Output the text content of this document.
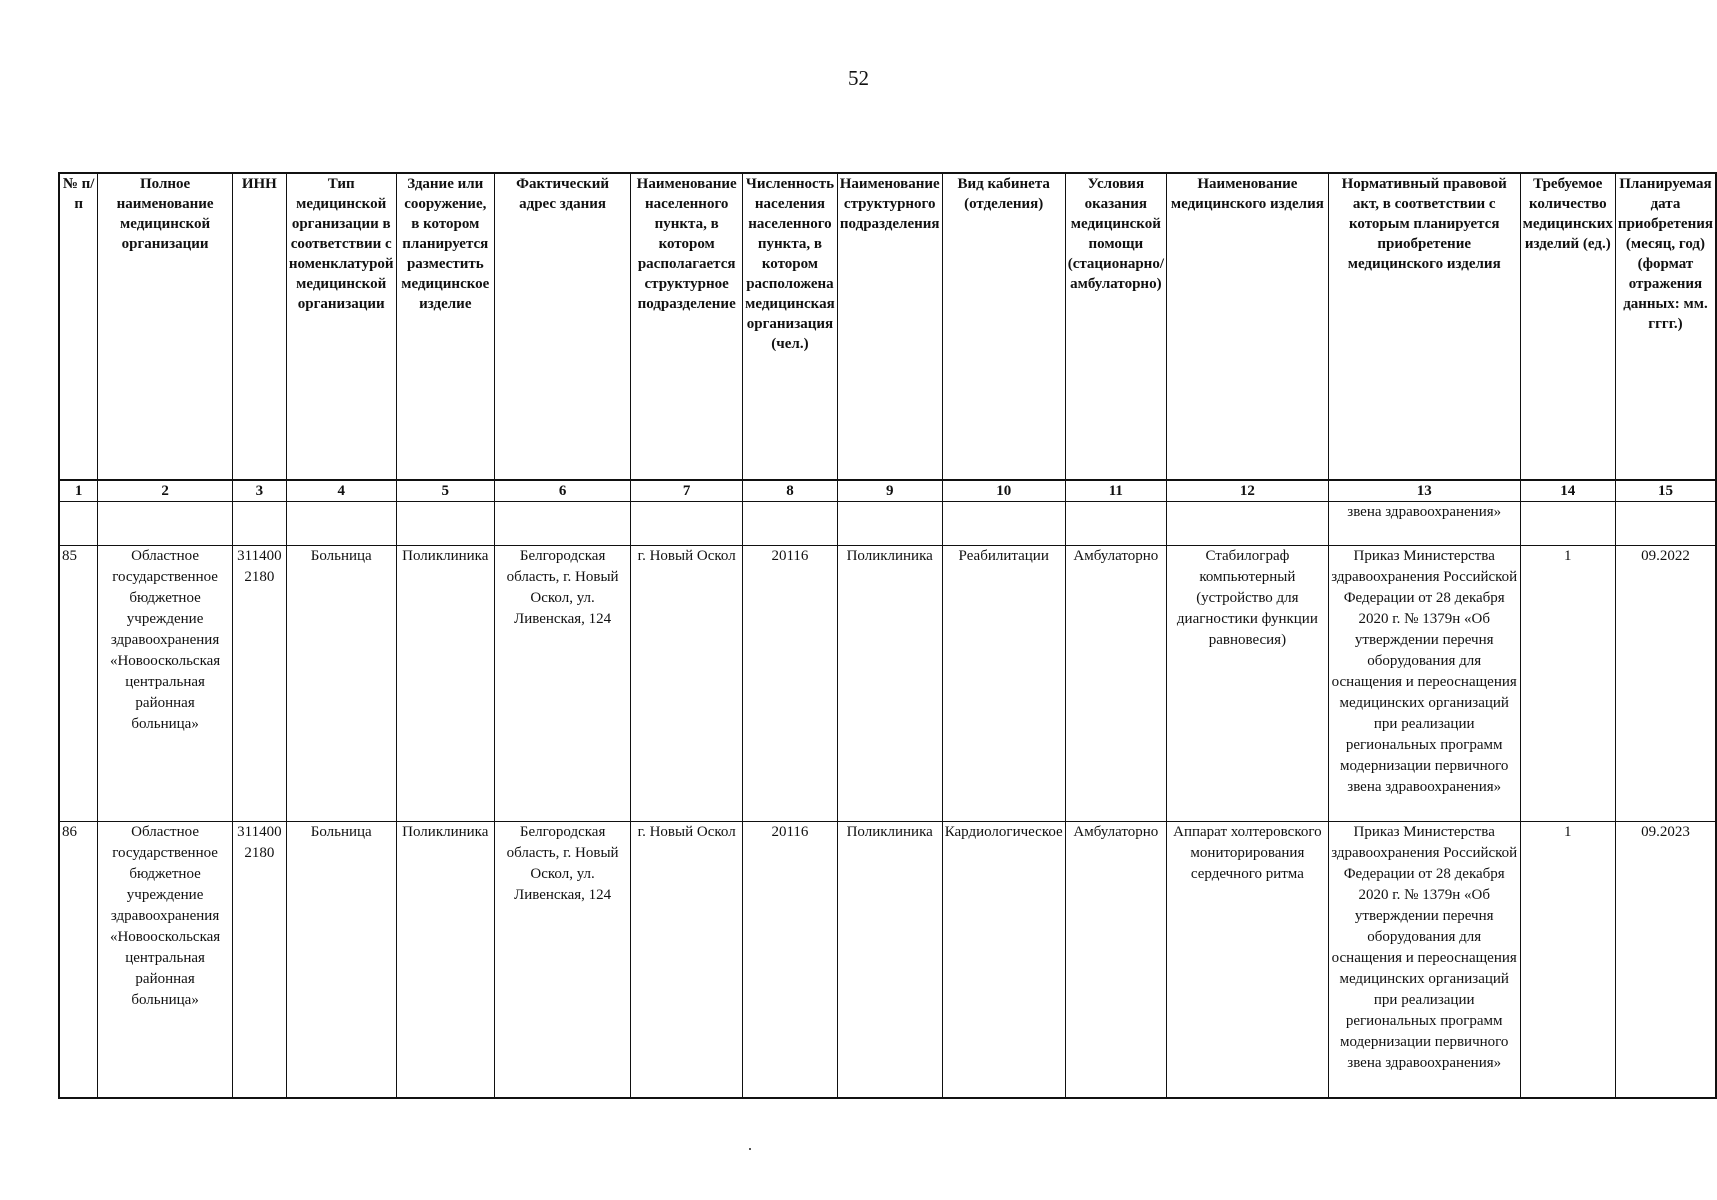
52
№ п/п	Полное наименование медицинской организации	ИНН	Тип медицинской организации в соответствии с номенклатурой медицинской организации	Здание или сооружение, в котором планируется разместить медицинское изделие	Фактический адрес здания	Наименование населенного пункта, в котором располагается структурное подразделение	Численность населения населенного пункта, в котором расположена медицинская организация (чел.)	Наименование структурного подразделения	Вид кабинета (отделения)	Условия оказания медицинской помощи (стационарно/ амбулаторно)	Наименование медицинского изделия	Нормативный правовой акт, в соответствии с которым планируется приобретение медицинского изделия	Требуемое количество медицинских изделий (ед.)	Планируемая дата приобретения (месяц, год) (формат отражения данных: мм. гггг.)
1	2	3	4	5	6	7	8	9	10	11	12	13	14	15
												звена здравоохранения»		
85	Областное государственное бюджетное учреждение здравоохранения «Новооскольская центральная районная больница»	3114002180	Больница	Поликлиника	Белгородская область, г. Новый Оскол, ул. Ливенская, 124	г. Новый Оскол	20116	Поликлиника	Реабилитации	Амбулаторно	Стабилограф компьютерный (устройство для диагностики функции равновесия)	Приказ Министерства здравоохранения Российской Федерации от 28 декабря 2020 г. № 1379н «Об утверждении перечня оборудования для оснащения и переоснащения медицинских организаций при реализации региональных программ модернизации первичного звена здравоохранения»	1	09.2022
86	Областное государственное бюджетное учреждение здравоохранения «Новооскольская центральная районная больница»	3114002180	Больница	Поликлиника	Белгородская область, г. Новый Оскол, ул. Ливенская, 124	г. Новый Оскол	20116	Поликлиника	Кардиологическое	Амбулаторно	Аппарат холтеровского мониторирования сердечного ритма	Приказ Министерства здравоохранения Российской Федерации от 28 декабря 2020 г. № 1379н «Об утверждении перечня оборудования для оснащения и переоснащения медицинских организаций при реализации региональных программ модернизации первичного звена здравоохранения»	1	09.2023
